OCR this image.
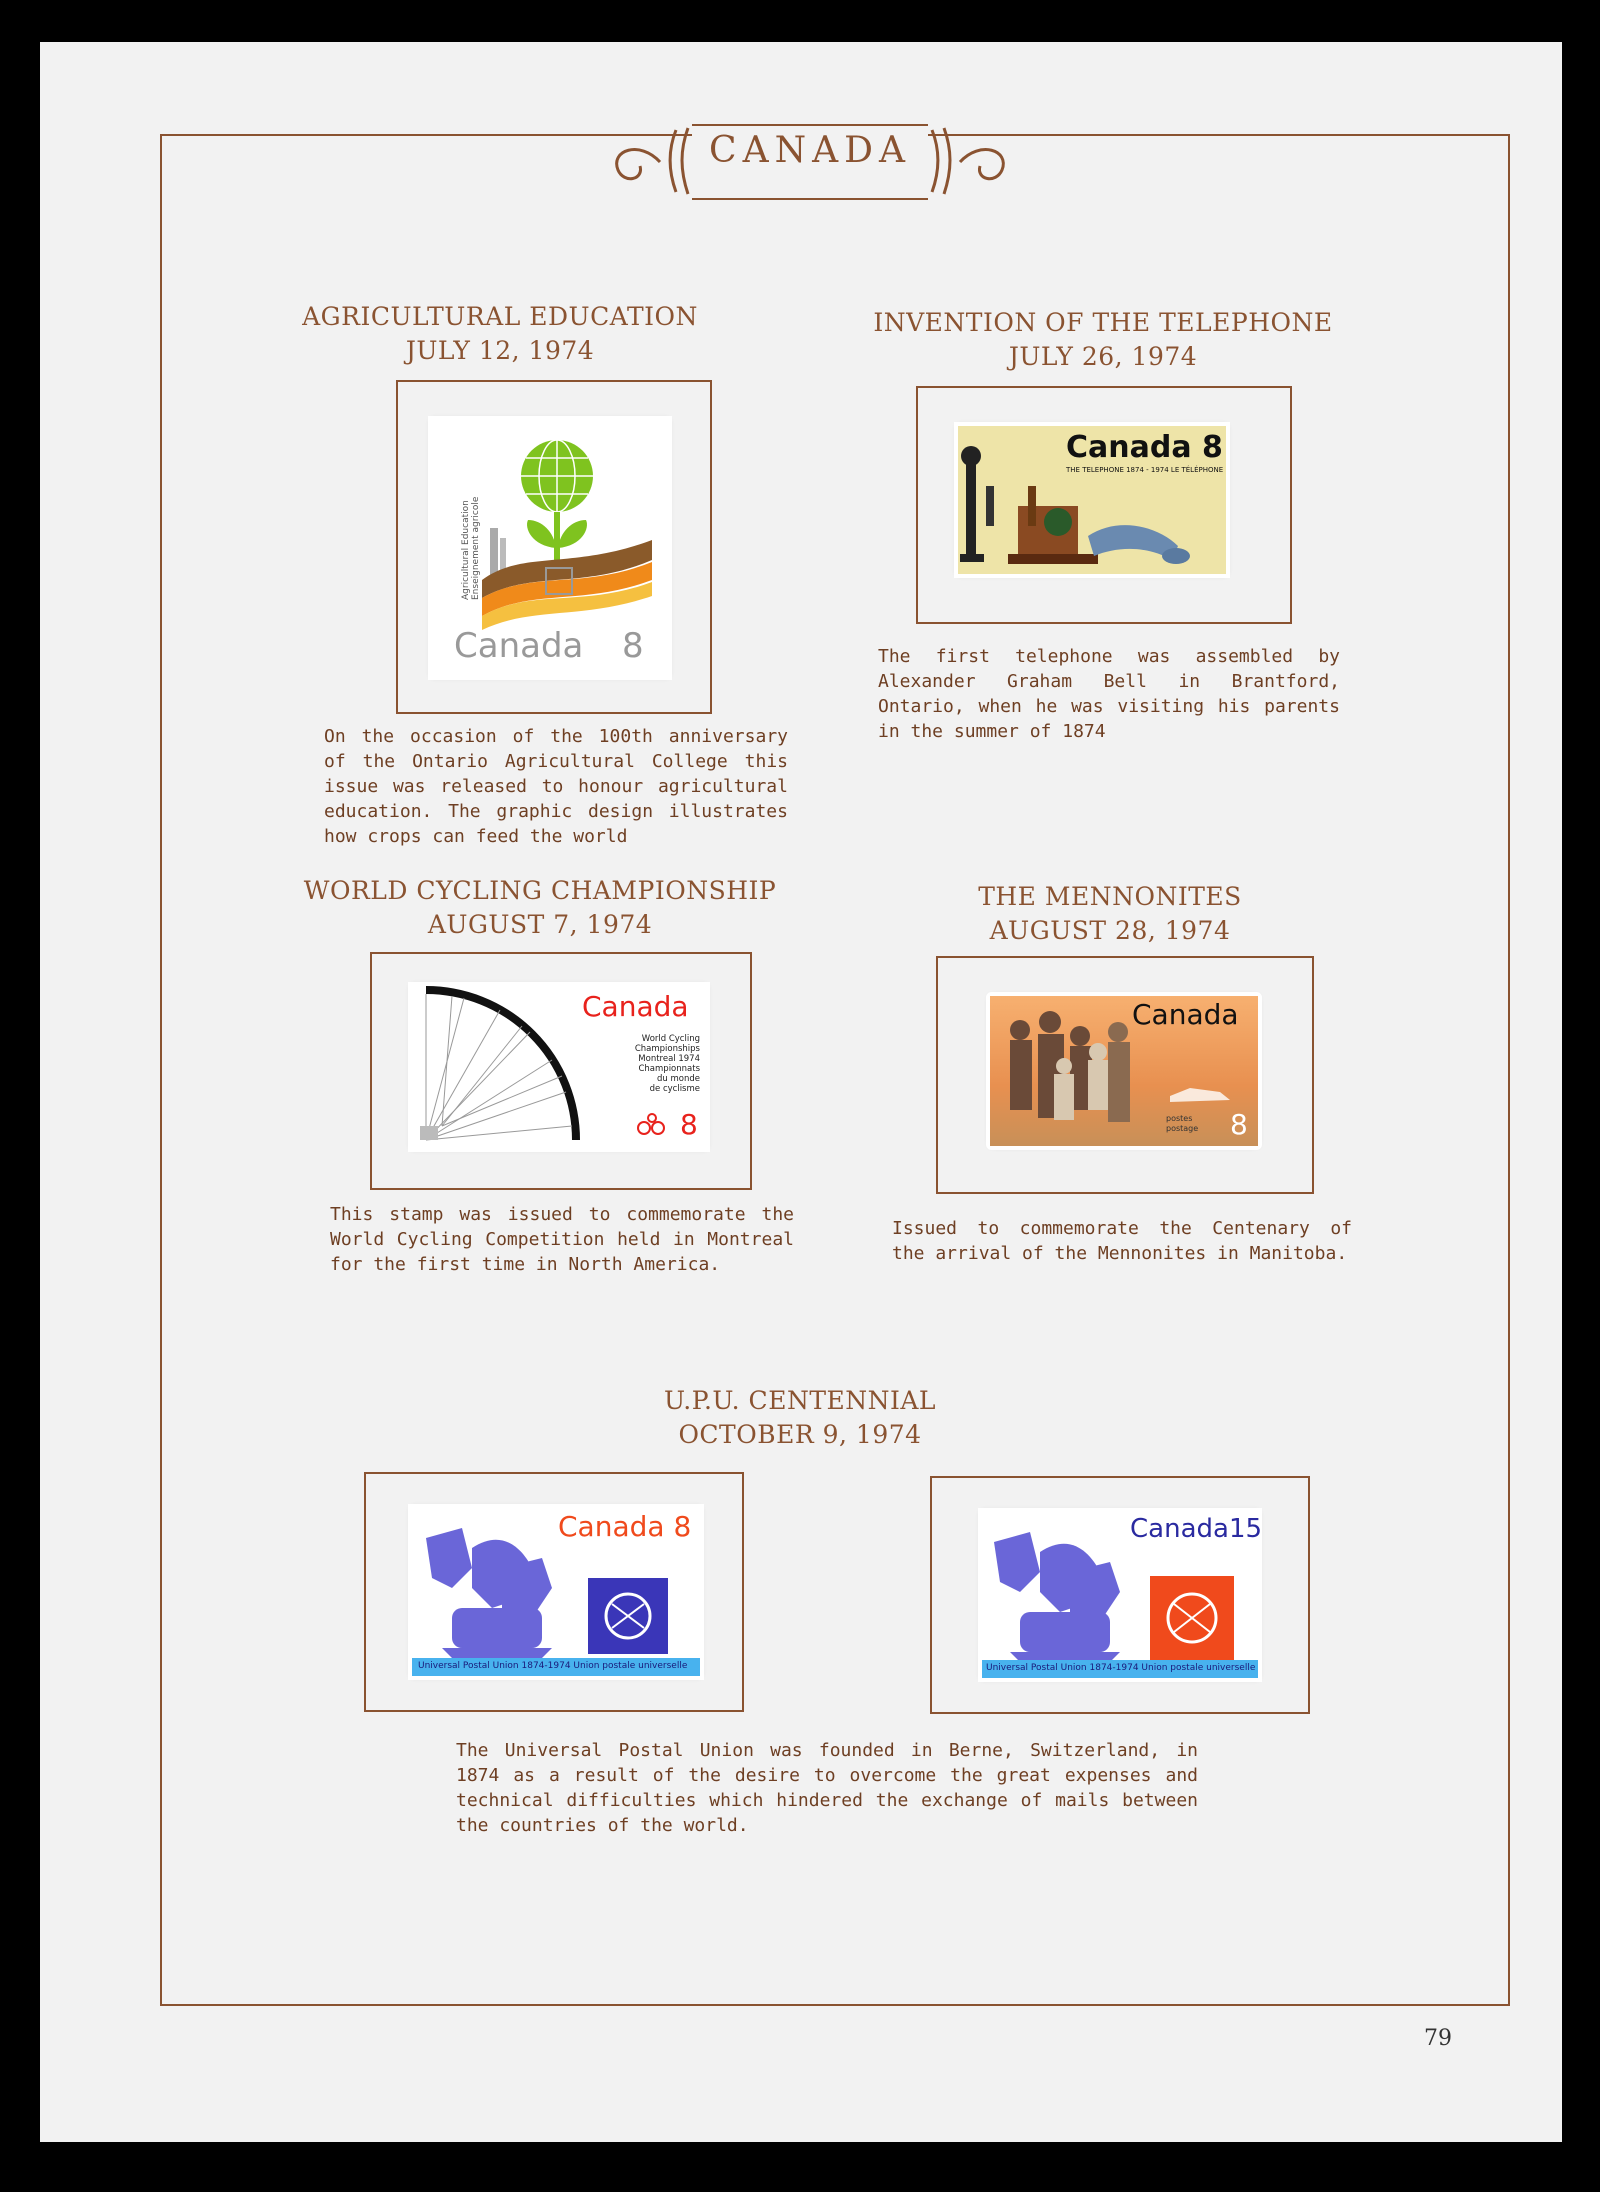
CANADA
AGRICULTURAL EDUCATION
JULY 12, 1974
Agricultural Education Enseignement agricole
Canada 8
On the occasion of the 100th anniversary
of the Ontario Agricultural College this
issue was released to honour agricultural
education. The graphic design illustrates
how crops can feed the world
INVENTION OF THE TELEPHONE
JULY 26, 1974
Canada 8
THE TELEPHONE 1874 - 1974 LE TÉLÉPHONE
The first telephone was assembled by
Alexander Graham Bell in Brantford,
Ontario, when he was visiting his parents
in the summer of 1874
WORLD CYCLING CHAMPIONSHIP
AUGUST 7, 1974
Canada
World Cycling
Championships
Montreal 1974
Championnats
du monde
de cyclisme
8
This stamp was issued to commemorate the
World Cycling Competition held in Montreal
for the first time in North America.
THE MENNONITES
AUGUST 28, 1974
Canada
postes
postage 8
Issued to commemorate the Centenary of
the arrival of the Mennonites in Manitoba.
U.P.U. CENTENNIAL
OCTOBER 9, 1974
Canada 8
Universal Postal Union 1874-1974 Union postale universelle
Canada15
Universal Postal Union 1874-1974 Union postale universelle
The Universal Postal Union was founded in Berne, Switzerland, in
1874 as a result of the desire to overcome the great expenses and
technical difficulties which hindered the exchange of mails between
the countries of the world.
79
